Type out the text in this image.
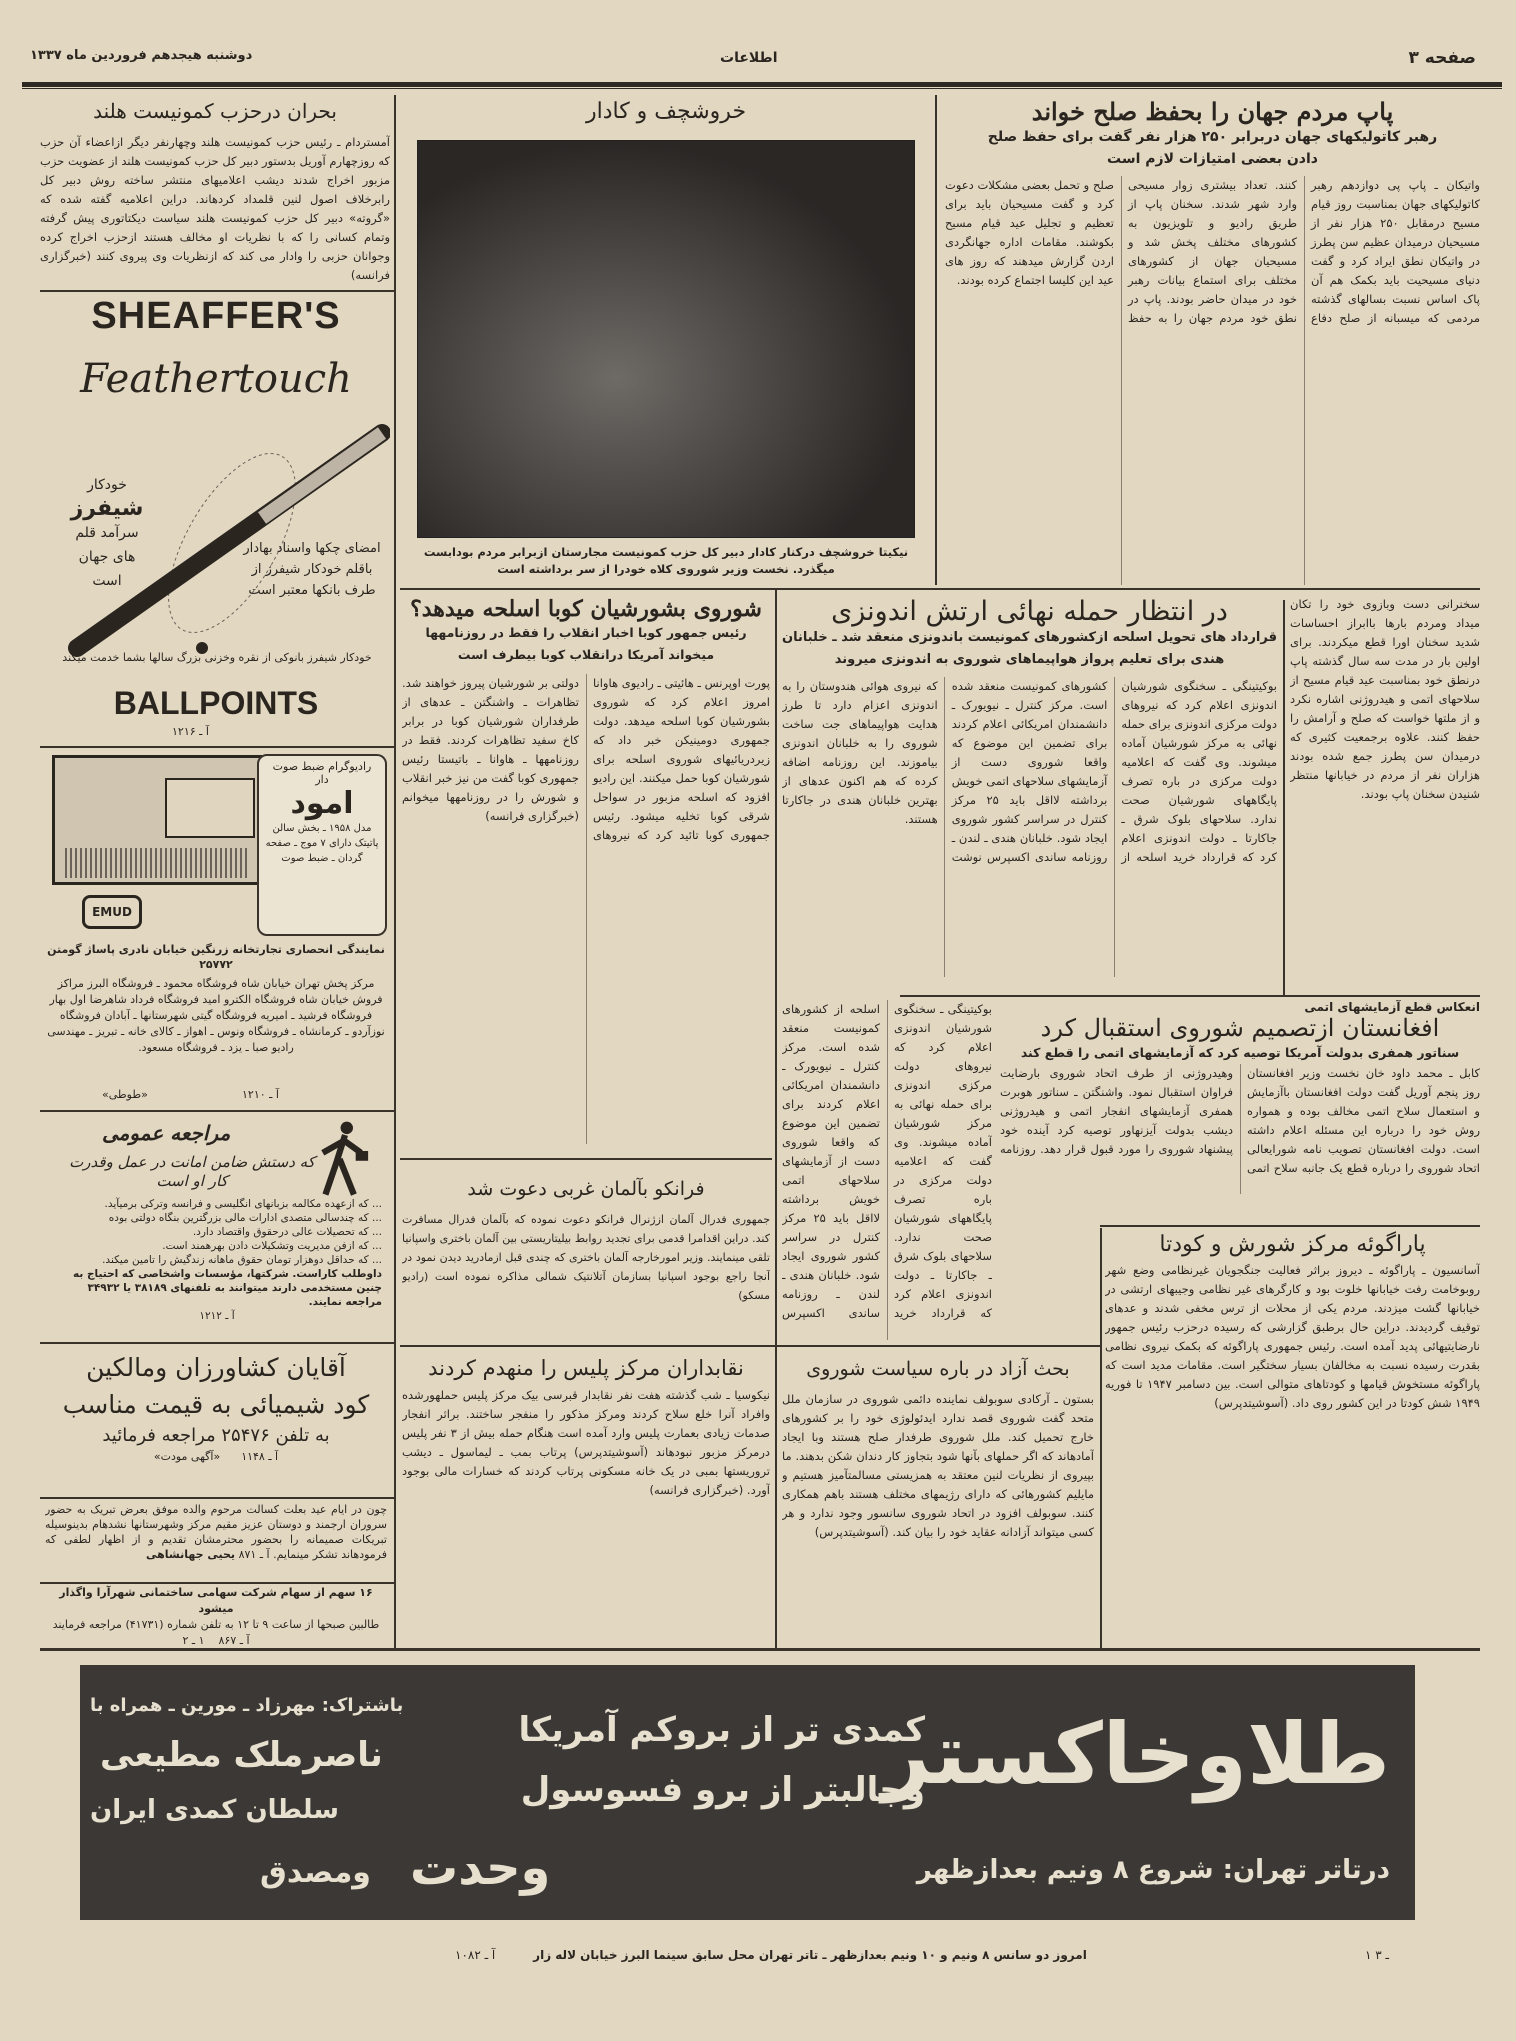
صفحه ۳
اطلاعات
دوشنبه هیجدهم فروردین ماه ۱۳۳۷
پاپ مردم جهان را بحفظ صلح خواند
رهبر کاتولیکهای جهان دربرابر ۲۵۰ هزار نفر گفت برای حفظ صلح دادن بعضی امتیازات لازم است
واتیکان ـ پاپ پی دوازدهم رهبر کاتولیکهای جهان بمناسبت روز قیام مسیح درمقابل ۲۵۰ هزار نفر از مسیحیان درمیدان عظیم سن پطرز در واتیکان نطق ایراد کرد و گفت دنیای مسیحیت باید بکمک هم آن پاک اساس نسبت بسالهای گذشته مردمی که میسبانه از صلح دفاع کنند. تعداد بیشتری زوار مسیحی وارد شهر شدند. سخنان پاپ از طریق رادیو و تلویزیون به کشورهای مختلف پخش شد و مسیحیان جهان از کشورهای مختلف برای استماع بیانات رهبر خود در میدان حاضر بودند. پاپ در نطق خود مردم جهان را به حفظ صلح و تحمل بعضی مشکلات دعوت کرد و گفت مسیحیان باید برای تعظیم و تجلیل عید قیام مسیح بکوشند. مقامات اداره جهانگردی اردن گزارش میدهند که روز های عید این کلیسا اجتماع کرده بودند.
سخنرانی دست وبازوی خود را تکان میداد ومردم بارها باابراز احساسات شدید سخنان اورا قطع میکردند. برای اولین بار در مدت سه سال گذشته پاپ درنطق خود بمناسبت عید قیام مسیح از سلاحهای اتمی و هیدروژنی اشاره نکرد و از ملتها خواست که صلح و آرامش را حفظ کنند. علاوه برجمعیت کثیری که درمیدان سن پطرز جمع شده بودند هزاران نفر از مردم در خیابانها منتظر شنیدن سخنان پاپ بودند.
بحران درحزب کمونیست هلند
آمستردام ـ رئیس حزب کمونیست هلند وچهارنفر دیگر ازاعضاء آن حزب که روزچهارم آوریل بدستور دبیر کل حزب کمونیست هلند از عضویت حزب مزبور اخراج شدند دیشب اعلامیهای منتشر ساخته روش دبیر کل رابرخلاف اصول لنین قلمداد کردهاند. دراین اعلامیه گفته شده که «گروته» دبیر کل حزب کمونیست هلند سیاست دیکتاتوری پیش گرفته وتمام کسانی را که با نظریات او مخالف هستند ازحزب اخراج کرده وجوانان حزبی را وادار می کند که ازنظریات وی پیروی کنند (خبرگزاری فرانسه)
خروشچف و کادار
نیکیتا خروشچف درکنار کادار دبیر کل حزب کمونیست مجارستان ازبرابر مردم بودابست میگذرد. نخست وزیر شوروی کلاه خودرا از سر برداشته است
شوروی بشورشیان کوبا اسلحه میدهد؟
رئیس جمهور کوبا اخبار انقلاب را فقط در روزنامهها میخواند آمریکا درانقلاب کوبا بیطرف است
پورت اوپرنس ـ هائیتی ـ رادیوی هاوانا امروز اعلام کرد که شوروی بشورشیان کوبا اسلحه میدهد. دولت جمهوری دومینیکن خبر داد که زیردریائیهای شوروی اسلحه برای شورشیان کوبا حمل میکنند. این رادیو افزود که اسلحه مزبور در سواحل شرقی کوبا تخلیه میشود. رئیس جمهوری کوبا تائید کرد که نیروهای دولتی بر شورشیان پیروز خواهند شد. تظاهرات ـ واشنگتن ـ عدهای از طرفداران شورشیان کوبا در برابر کاخ سفید تظاهرات کردند. فقط در روزنامهها ـ هاوانا ـ باتیستا رئیس جمهوری کوبا گفت من نیز خبر انقلاب و شورش را در روزنامهها میخوانم (خبرگزاری فرانسه)
در انتظار حمله نهائی ارتش اندونزی
قرارداد های تحویل اسلحه ازکشورهای کمونیست باندونزی منعقد شد ـ خلبانان هندی برای تعلیم پرواز هواپیماهای شوروی به اندونزی میروند
بوکیتینگی ـ سخنگوی شورشیان اندونزی اعلام کرد که نیروهای دولت مرکزی اندونزی برای حمله نهائی به مرکز شورشیان آماده میشوند. وی گفت که اعلامیه دولت مرکزی در باره تصرف پایگاههای شورشیان صحت ندارد. سلاحهای بلوک شرق ـ جاکارتا ـ دولت اندونزی اعلام کرد که قرارداد خرید اسلحه از کشورهای کمونیست منعقد شده است. مرکز کنترل ـ نیویورک ـ دانشمندان امریکائی اعلام کردند برای تضمین این موضوع که واقعا شوروی دست از آزمایشهای سلاحهای اتمی خویش برداشته لااقل باید ۲۵ مرکز کنترل در سراسر کشور شوروی ایجاد شود. خلبانان هندی ـ لندن ـ روزنامه ساندی اکسپرس نوشت که نیروی هوائی هندوستان را به اندونزی اعزام دارد تا طرز هدایت هواپیماهای جت ساخت شوروی را به خلبانان اندونزی بیاموزند. این روزنامه اضافه کرده که هم اکنون عدهای از بهترین خلبانان هندی در جاکارتا هستند.
بوکیتینگی ـ سخنگوی شورشیان اندونزی اعلام کرد که نیروهای دولت مرکزی اندونزی برای حمله نهائی به مرکز شورشیان آماده میشوند. وی گفت که اعلامیه دولت مرکزی در باره تصرف پایگاههای شورشیان صحت ندارد. سلاحهای بلوک شرق ـ جاکارتا ـ دولت اندونزی اعلام کرد که قرارداد خرید اسلحه از کشورهای کمونیست منعقد شده است. مرکز کنترل ـ نیویورک ـ دانشمندان امریکائی اعلام کردند برای تضمین این موضوع که واقعا شوروی دست از آزمایشهای سلاحهای اتمی خویش برداشته لااقل باید ۲۵ مرکز کنترل در سراسر کشور شوروی ایجاد شود. خلبانان هندی ـ لندن ـ روزنامه ساندی اکسپرس
انعکاس قطع آزمایشهای اتمی
افغانستان ازتصمیم شوروی استقبال کرد
سناتور همفری بدولت آمریکا توصیه کرد که آزمایشهای اتمی را قطع کند
کابل ـ محمد داود خان نخست وزیر افغانستان روز پنجم آوریل گفت دولت افغانستان باآزمایش و استعمال سلاح اتمی مخالف بوده و همواره روش خود را درباره این مسئله اعلام داشته است. دولت افغانستان تصویب نامه شورایعالی اتحاد شوروی را درباره قطع یک جانبه سلاح اتمی وهیدروژنی از طرف اتحاد شوروی بارضایت فراوان استقبال نمود. واشنگتن ـ سناتور هوبرت همفری آزمایشهای انفجار اتمی و هیدروژنی دیشب بدولت آیزنهاور توصیه کرد آینده خود پیشنهاد شوروی را مورد قبول قرار دهد. روزنامه
پاراگوئه مرکز شورش و کودتا
آسانسیون ـ پاراگوئه ـ دیروز براثر فعالیت جنگجویان غیرنظامی وضع شهر روبوخامت رفت خیابانها خلوت بود و کارگرهای غیر نظامی وجیبهای ارتشی در خیابانها گشت میزدند. مردم یکی از محلات از ترس مخفی شدند و عدهای توقیف گردیدند. دراین حال برطبق گزارشی که رسیده درحزب رئیس جمهور نارضایتیهائی پدید آمده است. رئیس جمهوری پاراگوئه که بکمک نیروی نظامی بقدرت رسیده نسبت به مخالفان بسیار سختگیر است. مقامات مدید است که پاراگوئه مستخوش قیامها و کودتاهای متوالی است. بین دسامبر ۱۹۴۷ تا فوریه ۱۹۴۹ شش کودتا در این کشور روی داد. (آسوشیتدپرس)
فرانکو بآلمان غربی دعوت شد
جمهوری فدرال آلمان ازژنرال فرانکو دعوت نموده که بآلمان فدرال مسافرت کند. دراین اقدامرا قدمی برای تجدید روابط بیلیتاریستی بین آلمان باختری واسپانیا تلقی مینمایند. وزیر امورخارجه آلمان باختری که چندی قبل ازمادرید دیدن نمود در آنجا راجع بوجود اسپانیا بسازمان آتلانتیک شمالی مذاکره نموده است (رادیو مسکو)
نقابداران مرکز پلیس را منهدم کردند
نیکوسیا ـ شب گذشته هفت نفر نقابدار قبرسی بیک مرکز پلیس حملهورشده وافراد آنرا خلع سلاح کردند ومرکز مذکور را منفجر ساختند. براثر انفجار صدمات زیادی بعمارت پلیس وارد آمده است هنگام حمله بیش از ۳ نفر پلیس درمرکز مزبور نبودهاند (آسوشیتدپرس) پرتاب بمب ـ لیماسول ـ دیشب تروریستها بمبی در یک خانه مسکونی پرتاب کردند که خسارات مالی بوجود آورد. (خبرگزاری فرانسه)
بحث آزاد در باره سیاست شوروی
بستون ـ آرکادی سوبولف نماینده دائمی شوروی در سازمان ملل متحد گفت شوروی قصد ندارد ایدئولوژی خود را بر کشورهای خارج تحمیل کند. ملل شوروی طرفدار صلح هستند وبا ایجاد آمادهاند که اگر حملهای بآنها شود بتجاوز کار دندان شکن بدهند. ما بپیروی از نظریات لنین معتقد به همزیستی مسالمتآمیز هستیم و مایلیم کشورهائی که دارای رژیمهای مختلف هستند باهم همکاری کنند. سوبولف افزود در اتحاد شوروی سانسور وجود ندارد و هر کسی میتواند آزادانه عقاید خود را بیان کند. (آسوشیتدپرس)
SHEAFFER'S
Feathertouch
خودکار
شیفرز
سرآمد قلم های جهان است
امضای چکها واسناد بهادار باقلم خودکار شیفرز از طرف بانکها معتبر است
خودکار شیفرز بانوکی از نقره وخزنی بزرگ سالها بشما خدمت میکند
BALLPOINTS
آ ـ ۱۲۱۶
EMUD
رادیوگرام ضبط صوت دار
امود
مدل ۱۹۵۸ ـ بخش سالن پاتیتک دارای ۷ موج ـ صفحه گردان ـ ضبط صوت
نمایندگی انحصاری تجارتخانه زرنگین خیابان نادری پاساژ گومتن ۲۵۷۷۲
مرکز پخش تهران خیابان شاه فروشگاه محمود ـ فروشگاه البرز مراکز فروش خیابان شاه فروشگاه الکترو امید فروشگاه فرداد شاهرضا اول بهار فروشگاه فرشید ـ امیریه فروشگاه گیتی شهرستانها ـ آبادان فروشگاه نوزآردو ـ کرمانشاه ـ فروشگاه ونوس ـ اهواز ـ کالای خانه ـ تبریز ـ مهندسی رادیو صبا ـ یزد ـ فروشگاه مسعود.
آ ـ ۱۲۱۰
«طوطی»
مراجعه عمومی
که دستش ضامن امانت در عمل وقدرت کار او است
... که ازعهده مکالمه بزبانهای انگلیسی و فرانسه وترکی برمیآید.
... که چندسالی متصدی ادارات مالی بزرگترین بنگاه دولتی بوده
... که تحصیلات عالی درحقوق واقتصاد دارد.
... که ازفن مدیریت وتشکیلات دادن بهرهمند است.
... که حداقل دوهزار تومان حقوق ماهانه زندگیش را تامین میکند.
داوطلب کاراست. شرکتها، مؤسسات واشخاصی که احتیاج به چنین مستخدمی دارند میتوانند به تلفنهای ۳۸۱۸۹ یا ۳۴۹۳۲ مراجعه نمایند.
آ ـ ۱۲۱۲
آقایان کشاورزان ومالکین
کود شیمیائی به قیمت مناسب
به تلفن ۲۵۴۷۶ مراجعه فرمائید
آ ـ ۱۱۴۸      «آگهی مودت»
چون در ایام عید بعلت کسالت مرحوم والده موفق بعرض تبریک به حضور سروران ارجمند و دوستان عزیز مقیم مرکز وشهرستانها نشدهام بدینوسیله تبریکات صمیمانه را بحضور محترمشان تقدیم و از اظهار لطفی که فرمودهاند تشکر مینمایم. آ ـ ۸۷۱ یحیی جهانشاهی
۱۶ سهم از سهام شرکت سهامی ساختمانی شهرآرا واگذار میشود
طالبین صبحها از ساعت ۹ تا ۱۲ به تلفن شماره (۴۱۷۳۱) مراجعه فرمایند
آ ـ ۸۶۷    ۱ ـ ۲
طلاوخاکستر
درتاتر تهران: شروع ۸ ونیم بعدازظهر
کمدی تر از بروکم آمریکا
وجالبتر از برو فسوسول
باشتراک: مهرزاد ـ مورین ـ همراه با
ناصرملک مطیعی
وحدت
سلطان کمدی ایران
ومصدق
امروز دو سانس ۸ ونیم و ۱۰ ونیم بعدازظهر ـ تاتر تهران محل سابق سینما البرز خیابان لاله زار
آ ـ ۱۰۸۲	۱ ـ ۳
